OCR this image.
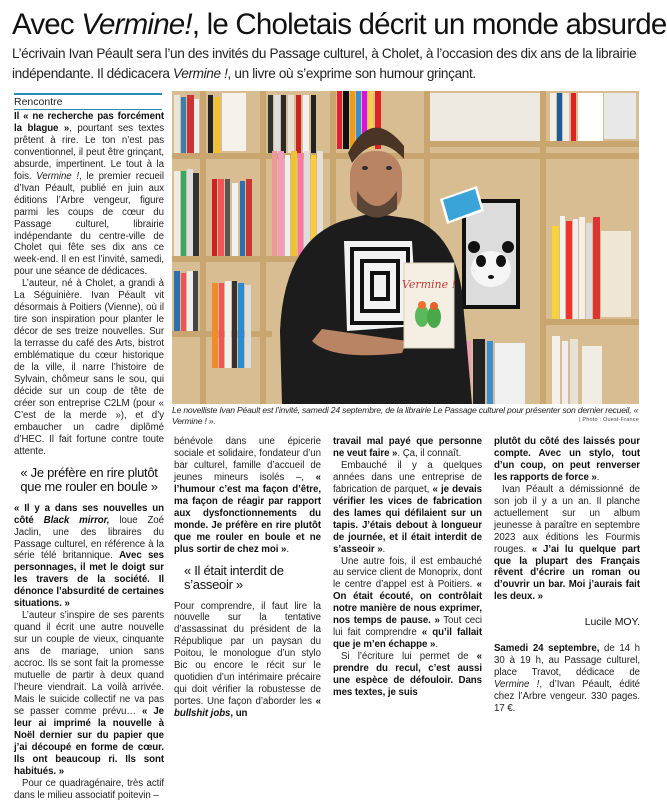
Avec Vermine!, le Choletais décrit un monde absurde

L’écrivain Ivan Péault sera l’un des invités du Passage culturel, à Cholet, à l’occasion des dix ans de la librairie indépendante. Il dédicacera Vermine !, un livre où s’exprime son humour grinçant.

Rencontre

Il « ne recherche pas forcément la blague », pourtant ses textes prêtent à rire. Le ton n’est pas conventionnel, il peut être grinçant, absurde, impertinent. Le tout à la fois. Vermine !, le premier recueil d’Ivan Péault, publié en juin aux éditions l’Arbre vengeur, figure parmi les coups de cœur du Passage culturel, librairie indépendante du centre-ville de Cholet qui fête ses dix ans ce week-end. Il en est l’invité, samedi, pour une séance de dédicaces.

L’auteur, né à Cholet, a grandi à La Séguinière. Ivan Péault vit désormais à Poitiers (Vienne), où il tire son inspiration pour planter le décor de ses treize nouvelles. Sur la terrasse du café des Arts, bistrot emblématique du cœur historique de la ville, il narre l’histoire de Sylvain, chômeur sans le sou, qui décide sur un coup de tête de créer son entreprise C2LM (pour « C’est de la merde »), et d’y embaucher un cadre diplômé d’HEC. Il fait fortune contre toute attente.

« Je préfère en rire plutôt que me rouler en boule »

« Il y a dans ses nouvelles un côté Black mirror, loue Zoé Jaclin, une des libraires du Passage culturel, en référence à la série télé britannique. Avec ses personnages, il met le doigt sur les travers de la société. Il dénonce l’absurdité de certaines situations. »

L’auteur s’inspire de ses parents quand il écrit une autre nouvelle sur un couple de vieux, cinquante ans de mariage, union sans accroc. Ils se sont fait la promesse mutuelle de partir à deux quand l’heure viendrait. La voilà arrivée. Mais le suicide collectif ne va pas se passer comme prévu… « Je leur ai imprimé la nouvelle à Noël dernier sur du papier que j’ai découpé en forme de cœur. Ils ont beaucoup ri. Ils sont habitués. »

Pour ce quadragénaire, très actif dans le milieu associatif poitevin –

Vermine !
Le novelliste Ivan Péault est l’invité, samedi 24 septembre, de la librairie Le Passage culturel pour présenter son dernier recueil, « Vermine ! ».	| Photo : Ouest-France

bénévole dans une épicerie sociale et solidaire, fondateur d’un bar culturel, famille d’accueil de jeunes mineurs isolés –, « l’humour c’est ma façon d’être, ma façon de réagir par rapport aux dysfonctionnements du monde. Je préfère en rire plutôt que me rouler en boule et ne plus sortir de chez moi ».

« Il était interdit de s’asseoir »

Pour comprendre, il faut lire la nouvelle sur la tentative d’assassinat du président de la République par un paysan du Poitou, le monologue d’un stylo Bic ou encore le récit sur le quotidien d’un intérimaire précaire qui doit vérifier la robustesse de portes. Une façon d’aborder les « bullshit jobs, un

travail mal payé que personne ne veut faire ». Ça, il connaît.

Embauché il y a quelques années dans une entreprise de fabrication de parquet, « je devais vérifier les vices de fabrication des lames qui défilaient sur un tapis. J’étais debout à longueur de journée, et il était interdit de s’asseoir ».

Une autre fois, il est embauché au service client de Monoprix, dont le centre d’appel est à Poitiers. « On était écouté, on contrôlait notre manière de nous exprimer, nos temps de pause. » Tout ceci lui fait comprendre « qu’il fallait que je m’en échappe ».

Si l’écriture lui permet de « prendre du recul, c’est aussi une espèce de défouloir. Dans mes textes, je suis

plutôt du côté des laissés pour compte. Avec un stylo, tout d’un coup, on peut renverser les rapports de force ».

Ivan Péault a démissionné de son job il y a un an. Il planche actuellement sur un album jeunesse à paraître en septembre 2023 aux éditions les Fourmis rouges. « J’ai lu quelque part que la plupart des Français rêvent d’écrire un roman ou d’ouvrir un bar. Moi j’aurais fait les deux. »

Lucile MOY.

Samedi 24 septembre, de 14 h 30 à 19 h, au Passage culturel, place Travot, dédicace de Vermine !, d’Ivan Péault, édité chez l’Arbre vengeur. 330 pages. 17 €.
